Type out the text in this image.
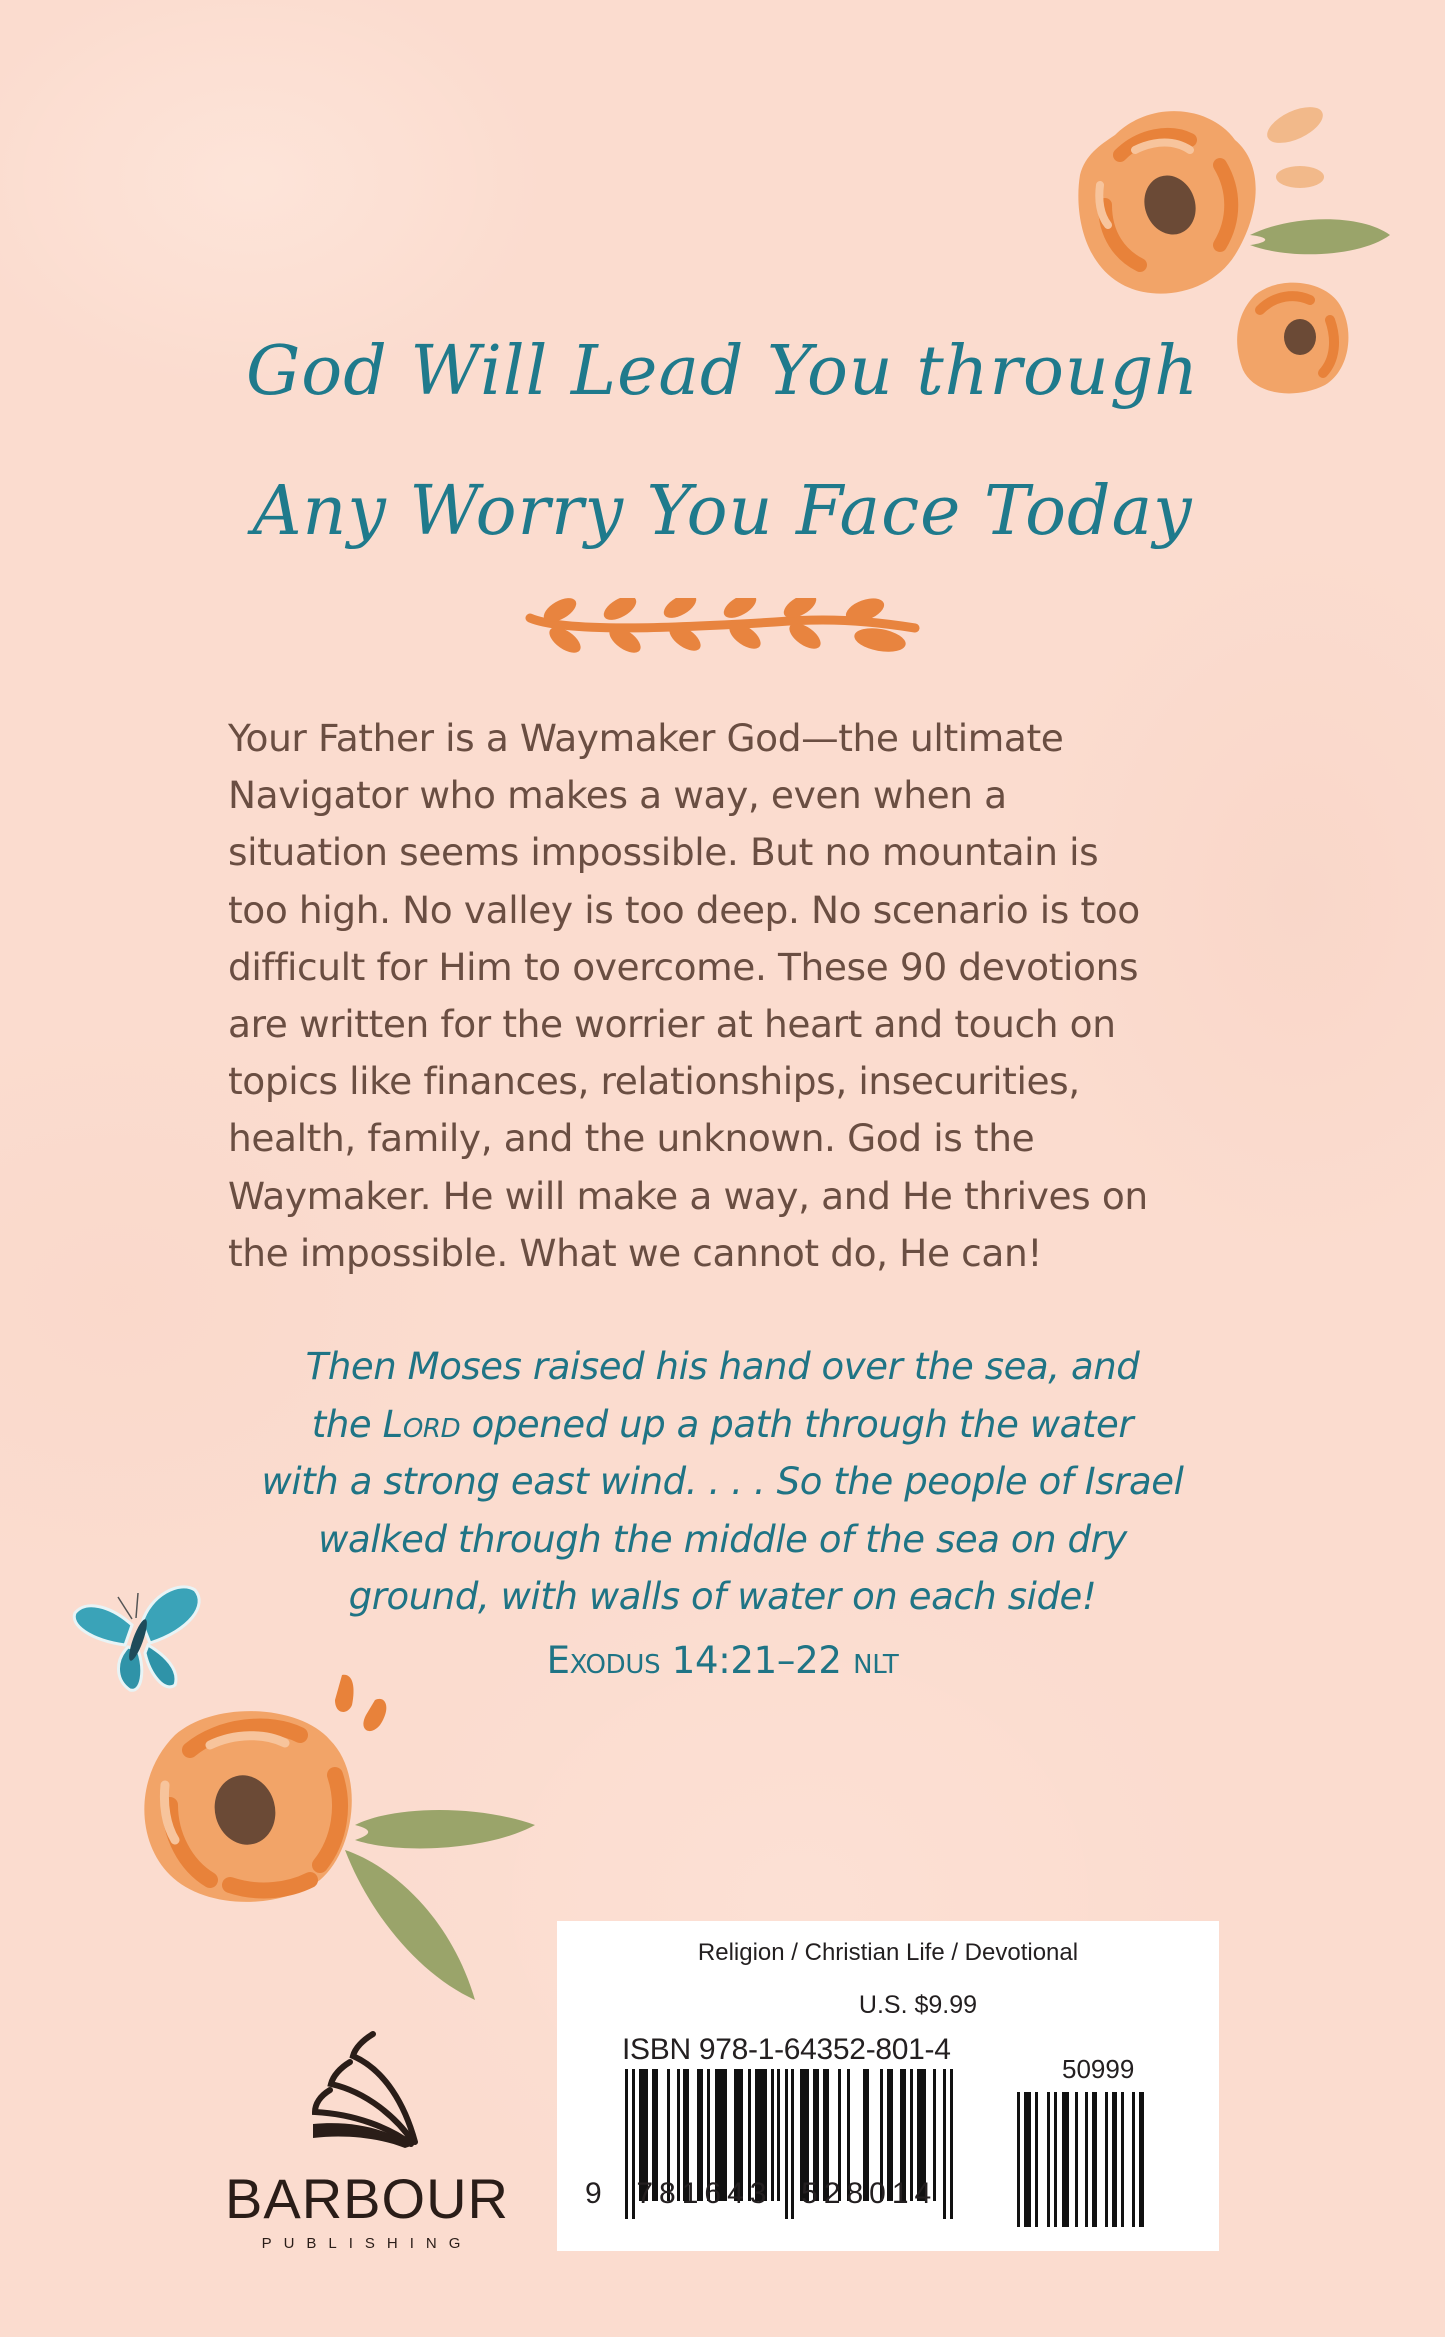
God Will Lead You through
Any Worry You Face Today
Your Father is a Waymaker God—the ultimate
Navigator who makes a way, even when a
situation seems impossible. But no mountain is
too high. No valley is too deep. No scenario is too
difficult for Him to overcome. These 90 devotions
are written for the worrier at heart and touch on
topics like finances, relationships, insecurities,
health, family, and the unknown. God is the
Waymaker. He will make a way, and He thrives on
the impossible. What we cannot do, He can!
Then Moses raised his hand over the sea, and
the Lord opened up a path through the water
with a strong east wind. . . . So the people of Israel
walked through the middle of the sea on dry
ground, with walls of water on each side!
Exodus 14:21–22 nlt
BARBOUR
PUBLISHING
Religion / Christian Life / Devotional
U.S. $9.99
ISBN 978-1-64352-801-4
50999
9  781643  528014
